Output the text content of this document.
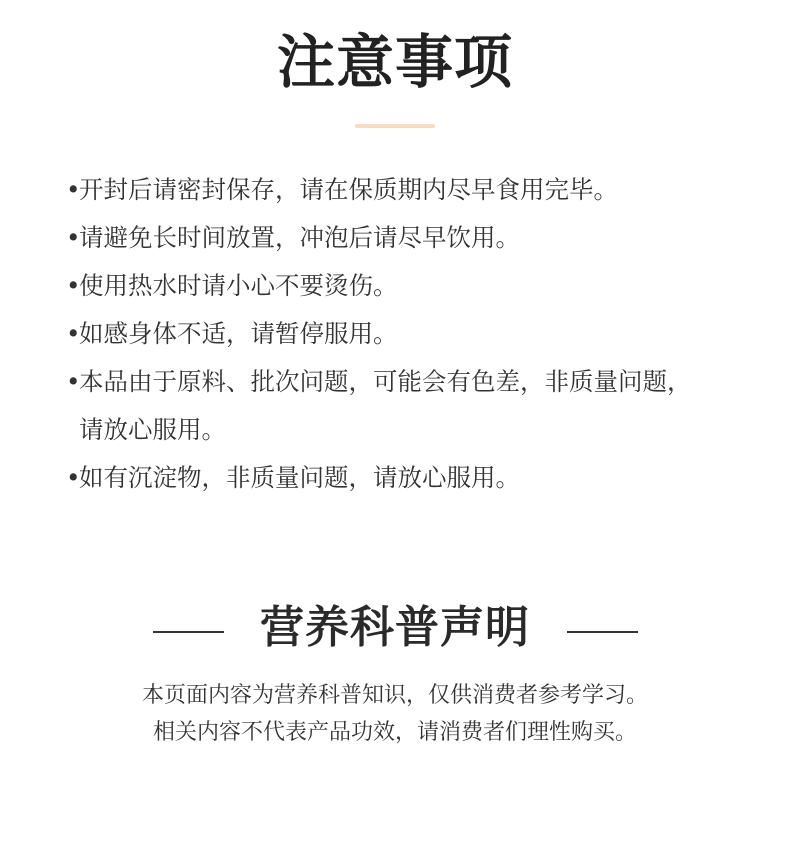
注意事项
•
开封后请密封保存，请在保质期内尽早食用完毕。
•
请避免长时间放置，冲泡后请尽早饮用。
•
使用热水时请小心不要烫伤。
•
如感身体不适，请暂停服用。
•
本品由于原料、批次问题，可能会有色差，非质量问题，
请放心服用。
•
如有沉淀物，非质量问题，请放心服用。
营养科普声明
本页面内容为营养科普知识，仅供消费者参考学习。
相关内容不代表产品功效，请消费者们理性购买。
